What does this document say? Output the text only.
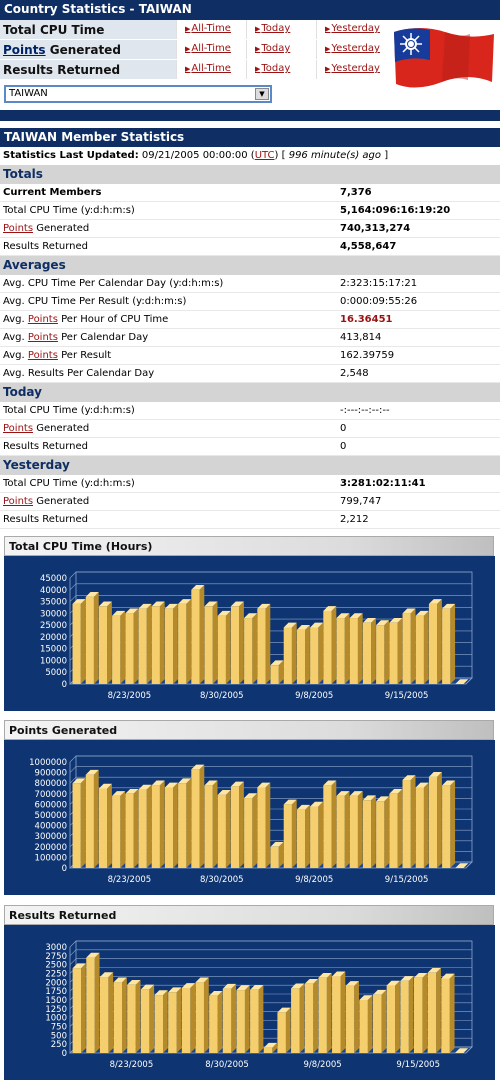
Country Statistics - TAIWAN
Total CPU Time	▶All-Time	▶Today	▶Yesterday
Points Generated	▶All-Time	▶Today	▶Yesterday
Results Returned	▶All-Time	▶Today	▶Yesterday
TAIWAN	▼
TAIWAN Member Statistics
Statistics Last Updated: 09/21/2005 00:00:00 (UTC) [ 996 minute(s) ago ]
Totals
Current Members	7,376
Total CPU Time (y:d:h:m:s)	5,164:096:16:19:20
Points Generated	740,313,274
Results Returned	4,558,647
Averages
Avg. CPU Time Per Calendar Day (y:d:h:m:s)	2:323:15:17:21
Avg. CPU Time Per Result (y:d:h:m:s)	0:000:09:55:26
Avg. Points Per Hour of CPU Time	16.36451
Avg. Points Per Calendar Day	413,814
Avg. Points Per Result	162.39759
Avg. Results Per Calendar Day	2,548
Today
Total CPU Time (y:d:h:m:s)	-:---:--:--:--
Points Generated	0
Results Returned	0
Yesterday
Total CPU Time (y:d:h:m:s)	3:281:02:11:41
Points Generated	799,747
Results Returned	2,212
Total CPU Time (Hours)
0
5000
10000
15000
20000
25000
30000
35000
40000
45000
8/23/2005	8/30/2005	9/8/2005	9/15/2005
Points Generated
0
100000
200000
300000
400000
500000
600000
700000
800000
900000
1000000
8/23/2005	8/30/2005	9/8/2005	9/15/2005
Results Returned
0
250
500
750
1000
1250
1500
1750
2000
2250
2500
2750
3000
8/23/2005	8/30/2005	9/8/2005	9/15/2005
